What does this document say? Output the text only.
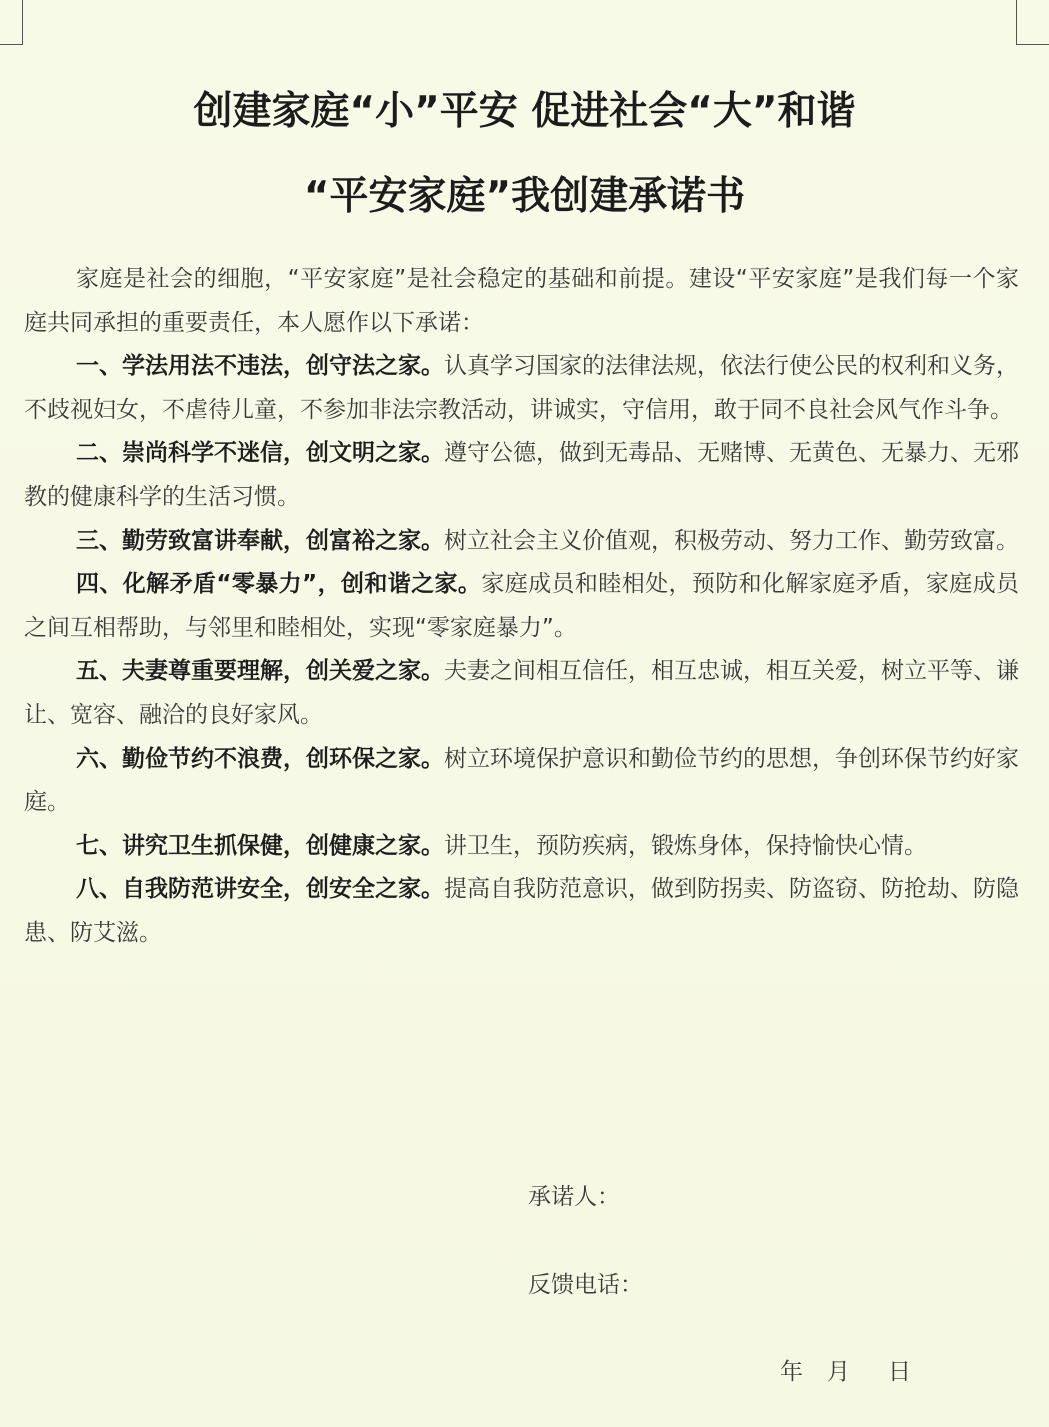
创建家庭“小”平安 促进社会“大”和谐
“平安家庭”我创建承诺书

家庭是社会的细胞，“平安家庭”是社会稳定的基础和前提。建设“平安家庭”是我们每一个家庭共同承担的重要责任，本人愿作以下承诺：

一、学法用法不违法，创守法之家。认真学习国家的法律法规，依法行使公民的权利和义务，不歧视妇女，不虐待儿童，不参加非法宗教活动，讲诚实，守信用，敢于同不良社会风气作斗争。

二、崇尚科学不迷信，创文明之家。遵守公德，做到无毒品、无赌博、无黄色、无暴力、无邪教的健康科学的生活习惯。

三、勤劳致富讲奉献，创富裕之家。树立社会主义价值观，积极劳动、努力工作、勤劳致富。

四、化解矛盾“零暴力”，创和谐之家。家庭成员和睦相处，预防和化解家庭矛盾，家庭成员之间互相帮助，与邻里和睦相处，实现“零家庭暴力”。

五、夫妻尊重要理解，创关爱之家。夫妻之间相互信任，相互忠诚，相互关爱，树立平等、谦让、宽容、融洽的良好家风。

六、勤俭节约不浪费，创环保之家。树立环境保护意识和勤俭节约的思想，争创环保节约好家庭。

七、讲究卫生抓保健，创健康之家。讲卫生，预防疾病，锻炼身体，保持愉快心情。

八、自我防范讲安全，创安全之家。提高自我防范意识，做到防拐卖、防盗窃、防抢劫、防隐患、防艾滋。

承诺人：

反馈电话：

年 月 日
